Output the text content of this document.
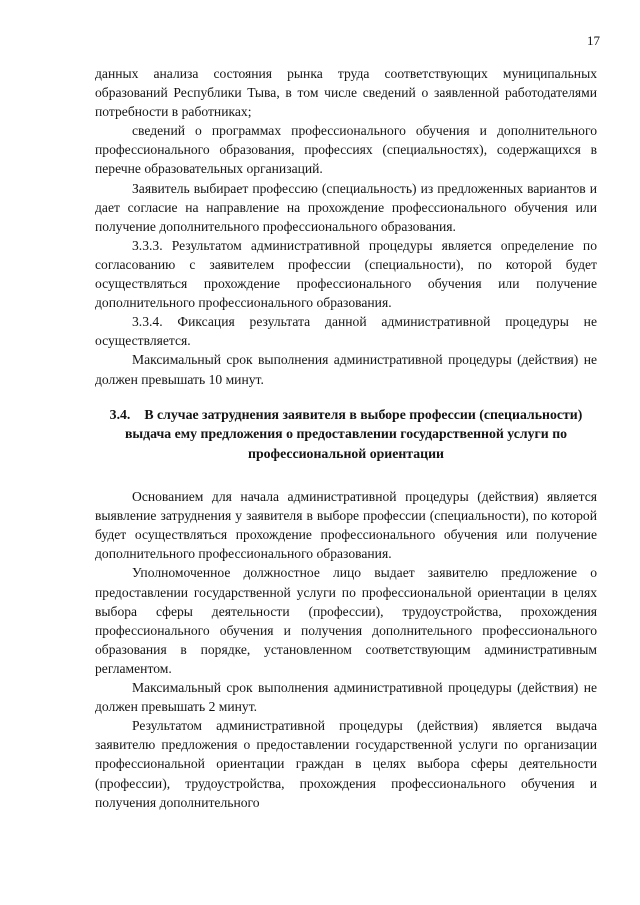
17

данных анализа состояния рынка труда соответствующих муниципальных образований Республики Тыва, в том числе сведений о заявленной работодателями потребности в работниках;

сведений о программах профессионального обучения и дополнительного профессионального образования, профессиях (специальностях), содержащихся в перечне образовательных организаций.

Заявитель выбирает профессию (специальность) из предложенных вариантов и дает согласие на направление на прохождение профессионального обучения или получение дополнительного профессионального образования.

3.3.3. Результатом административной процедуры является определение по согласованию с заявителем профессии (специальности), по которой будет осуществляться прохождение профессионального обучения или получение дополнительного профессионального образования.

3.3.4. Фиксация результата данной административной процедуры не осуществляется.

Максимальный срок выполнения административной процедуры (действия) не должен превышать 10 минут.

3.4. В случае затруднения заявителя в выборе профессии (специальности) выдача ему предложения о предоставлении государственной услуги по профессиональной ориентации

Основанием для начала административной процедуры (действия) является выявление затруднения у заявителя в выборе профессии (специальности), по которой будет осуществляться прохождение профессионального обучения или получение дополнительного профессионального образования.

Уполномоченное должностное лицо выдает заявителю предложение о предоставлении государственной услуги по профессиональной ориентации в целях выбора сферы деятельности (профессии), трудоустройства, прохождения профессионального обучения и получения дополнительного профессионального образования в порядке, установленном соответствующим административным регламентом.

Максимальный срок выполнения административной процедуры (действия) не должен превышать 2 минут.

Результатом административной процедуры (действия) является выдача заявителю предложения о предоставлении государственной услуги по организации профессиональной ориентации граждан в целях выбора сферы деятельности (профессии), трудоустройства, прохождения профессионального обучения и получения дополнительного
